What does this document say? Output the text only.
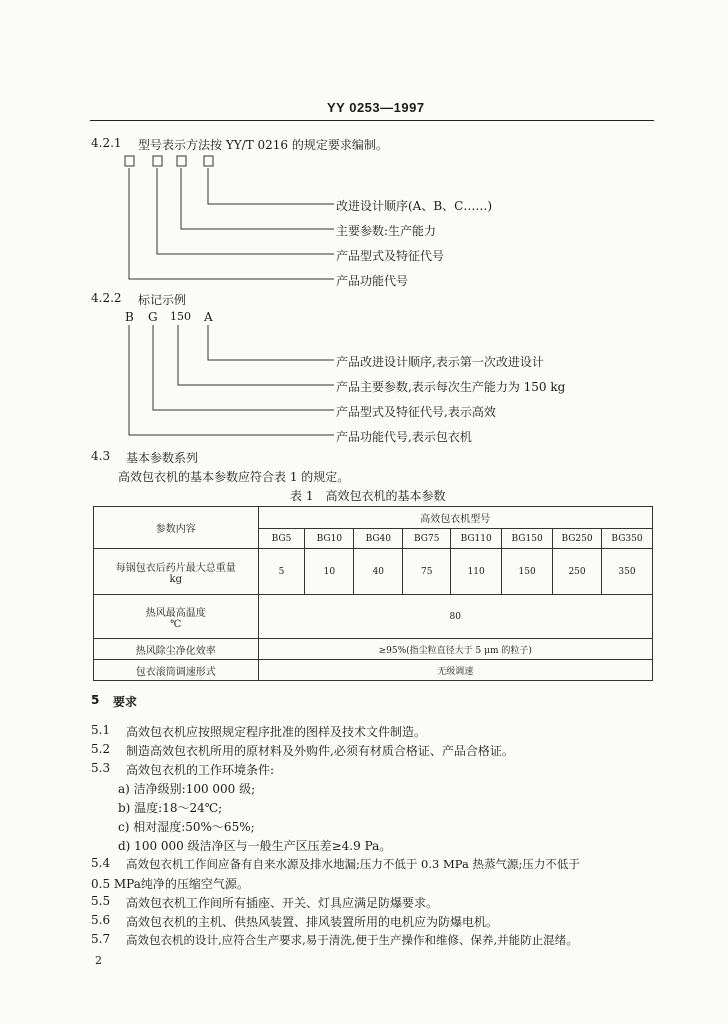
YY 0253—1997
4.2.1 型号表示方法按 YY/T 0216 的规定要求编制。
改进设计顺序(A、B、C……)
主要参数:生产能力
产品型式及特征代号
产品功能代号
4.2.2 标记示例
B G 150 A
产品改进设计顺序,表示第一次改进设计
产品主要参数,表示每次生产能力为 150 kg
产品型式及特征代号,表示高效
产品功能代号,表示包衣机
4.3 基本参数系列
高效包衣机的基本参数应符合表 1 的规定。
表 1　高效包衣机的基本参数
参数内容	高效包衣机型号							
	BG5	BG10	BG40	BG75	BG110	BG150	BG250	BG350

每锅包衣后药片最大总重量
kg	5	10	40	75	110	150	250	350

热风最高温度
℃	80							
热风除尘净化效率	≥95%(指尘粒直径大于 5 μm 的粒子)							
包衣滚筒调速形式	无级调速							
5 要求
5.1 高效包衣机应按照规定程序批准的图样及技术文件制造。
5.2 制造高效包衣机所用的原材料及外购件,必须有材质合格证、产品合格证。
5.3 高效包衣机的工作环境条件:
a) 洁净级别:100 000 级;
b) 温度:18～24℃;
c) 相对湿度:50%～65%;
d) 100 000 级洁净区与一般生产区压差≥4.9 Pa。
5.4 高效包衣机工作间应备有自来水源及排水地漏;压力不低于 0.3 MPa 热蒸气源;压力不低于
0.5 MPa纯净的压缩空气源。
5.5 高效包衣机工作间所有插座、开关、灯具应满足防爆要求。
5.6 高效包衣机的主机、供热风装置、排风装置所用的电机应为防爆电机。
5.7 高效包衣机的设计,应符合生产要求,易于清洗,便于生产操作和维修、保养,并能防止混绪。
2
